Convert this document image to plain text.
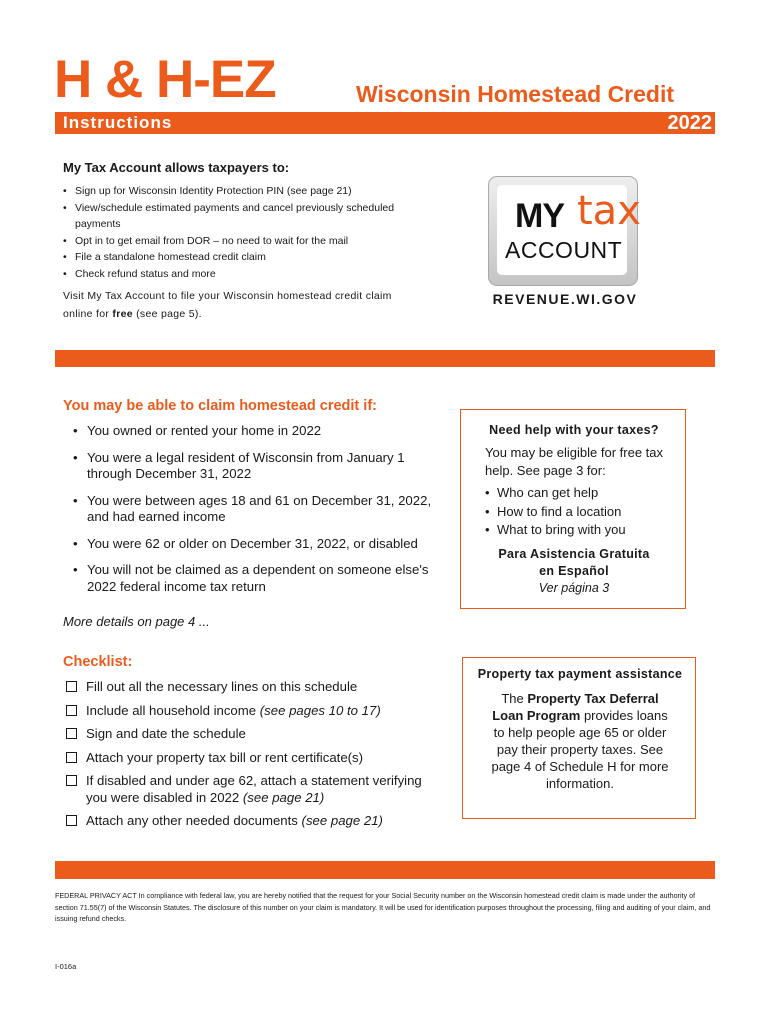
H & H-EZ
Instructions
Wisconsin Homestead Credit
2022
My Tax Account allows taxpayers to:
• Sign up for Wisconsin Identity Protection PIN (see page 21)
• View/schedule estimated payments and cancel previously scheduled payments
• Opt in to get email from DOR – no need to wait for the mail
• File a standalone homestead credit claim
• Check refund status and more
Visit My Tax Account to file your Wisconsin homestead credit claim online for free (see page 5).
MY tax
ACCOUNT
REVENUE.WI.GOV
You may be able to claim homestead credit if:
• You owned or rented your home in 2022
• You were a legal resident of Wisconsin from January 1 through December 31, 2022
• You were between ages 18 and 61 on December 31, 2022, and had earned income
• You were 62 or older on December 31, 2022, or disabled
• You will not be claimed as a dependent on someone else's 2022 federal income tax return
More details on page 4 ...
Need help with your taxes?
You may be eligible for free tax help. See page 3 for:
• Who can get help
• How to find a location
• What to bring with you
Para Asistencia Gratuita
en Español
Ver página 3
Checklist:
Fill out all the necessary lines on this schedule
Include all household income (see pages 10 to 17)
Sign and date the schedule
Attach your property tax bill or rent certificate(s)
If disabled and under age 62, attach a statement verifying you were disabled in 2022 (see page 21)
Attach any other needed documents (see page 21)
Property tax payment assistance
The Property Tax Deferral Loan Program provides loans to help people age 65 or older pay their property taxes. See page 4 of Schedule H for more information.
FEDERAL PRIVACY ACT In compliance with federal law, you are hereby notified that the request for your Social Security number on the Wisconsin homestead credit claim is made under the authority of section 71.55(7) of the Wisconsin Statutes. The disclosure of this number on your claim is mandatory. It will be used for identification purposes throughout the processing, filing and auditing of your claim, and issuing refund checks.
I-016a
